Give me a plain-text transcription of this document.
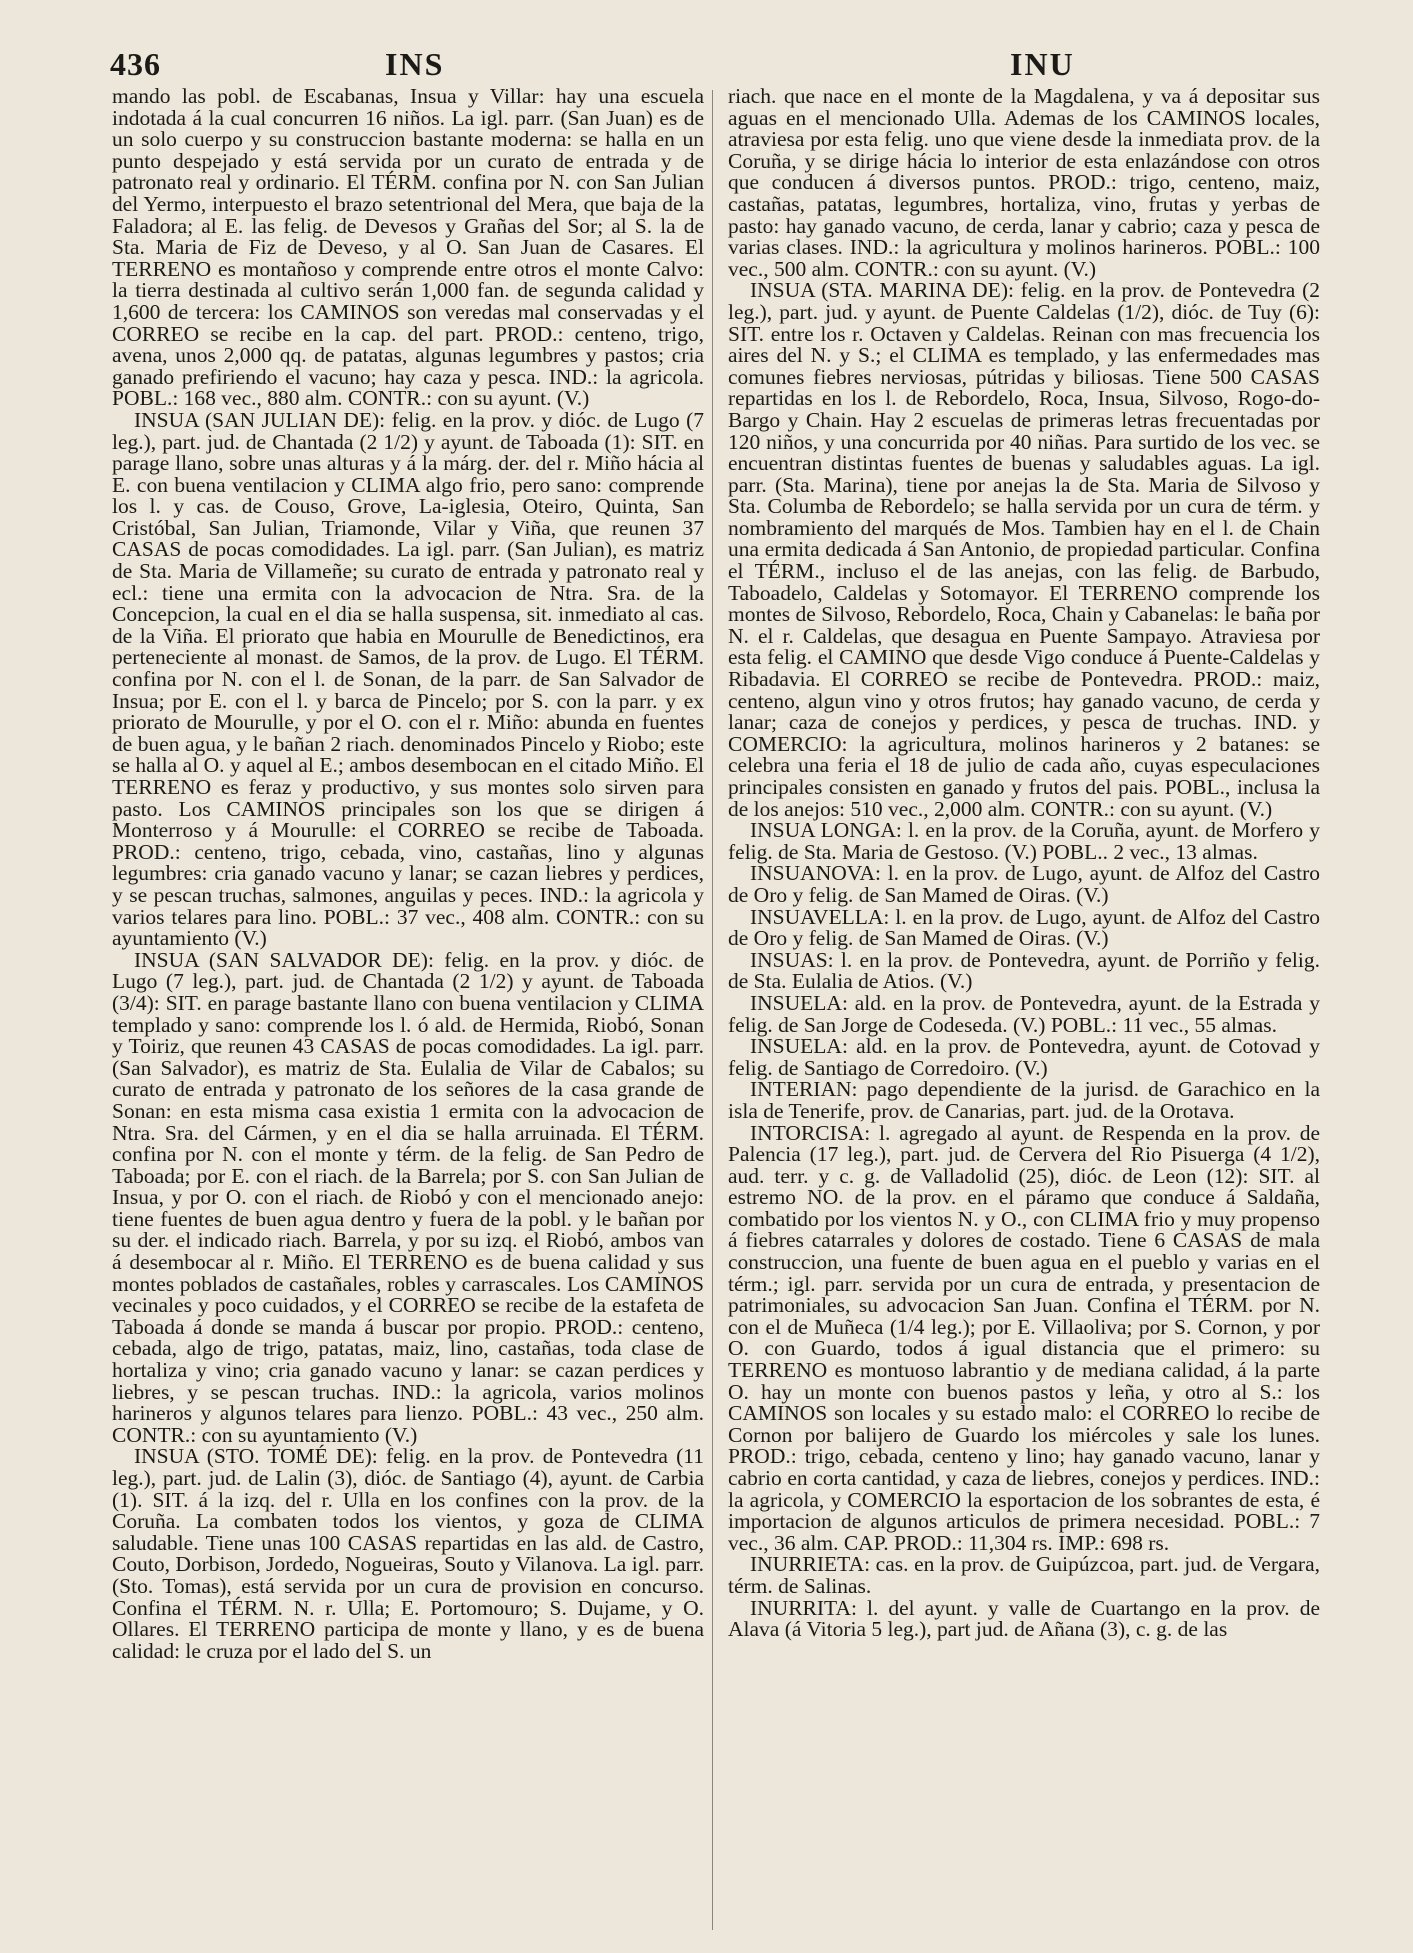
436	INS	INU

mando las pobl. de Escabanas, Insua y Villar: hay una escuela indotada á la cual concurren 16 niños. La igl. parr. (San Juan) es de un solo cuerpo y su construccion bastante moderna: se halla en un punto despejado y está servida por un curato de entrada y de patronato real y ordinario. El TÉRM. confina por N. con San Julian del Yermo, interpuesto el brazo setentrional del Mera, que baja de la Faladora; al E. las felig. de Devesos y Grañas del Sor; al S. la de Sta. Maria de Fiz de Deveso, y al O. San Juan de Casares. El TERRENO es montañoso y comprende entre otros el monte Calvo: la tierra destinada al cultivo serán 1,000 fan. de segunda calidad y 1,600 de tercera: los CAMINOS son veredas mal conservadas y el CORREO se recibe en la cap. del part. PROD.: centeno, trigo, avena, unos 2,000 qq. de patatas, algunas legumbres y pastos; cria ganado prefiriendo el vacuno; hay caza y pesca. IND.: la agricola. POBL.: 168 vec., 880 alm. CONTR.: con su ayunt. (V.)

INSUA (SAN JULIAN DE): felig. en la prov. y dióc. de Lugo (7 leg.), part. jud. de Chantada (2 1/2) y ayunt. de Taboada (1): SIT. en parage llano, sobre unas alturas y á la márg. der. del r. Miño hácia al E. con buena ventilacion y CLIMA algo frio, pero sano: comprende los l. y cas. de Couso, Grove, La-iglesia, Oteiro, Quinta, San Cristóbal, San Julian, Triamonde, Vilar y Viña, que reunen 37 CASAS de pocas comodidades. La igl. parr. (San Julian), es matriz de Sta. Maria de Villameñe; su curato de entrada y patronato real y ecl.: tiene una ermita con la advocacion de Ntra. Sra. de la Concepcion, la cual en el dia se halla suspensa, sit. inmediato al cas. de la Viña. El priorato que habia en Mourulle de Benedictinos, era perteneciente al monast. de Samos, de la prov. de Lugo. El TÉRM. confina por N. con el l. de Sonan, de la parr. de San Salvador de Insua; por E. con el l. y barca de Pincelo; por S. con la parr. y ex priorato de Mourulle, y por el O. con el r. Miño: abunda en fuentes de buen agua, y le bañan 2 riach. denominados Pincelo y Riobo; este se halla al O. y aquel al E.; ambos desembocan en el citado Miño. El TERRENO es feraz y productivo, y sus montes solo sirven para pasto. Los CAMINOS principales son los que se dirigen á Monterroso y á Mourulle: el CORREO se recibe de Taboada. PROD.: centeno, trigo, cebada, vino, castañas, lino y algunas legumbres: cria ganado vacuno y lanar; se cazan liebres y perdices, y se pescan truchas, salmones, anguilas y peces. IND.: la agricola y varios telares para lino. POBL.: 37 vec., 408 alm. CONTR.: con su ayuntamiento (V.)

INSUA (SAN SALVADOR DE): felig. en la prov. y dióc. de Lugo (7 leg.), part. jud. de Chantada (2 1/2) y ayunt. de Taboada (3/4): SIT. en parage bastante llano con buena ventilacion y CLIMA templado y sano: comprende los l. ó ald. de Hermida, Riobó, Sonan y Toiriz, que reunen 43 CASAS de pocas comodidades. La igl. parr. (San Salvador), es matriz de Sta. Eulalia de Vilar de Cabalos; su curato de entrada y patronato de los señores de la casa grande de Sonan: en esta misma casa existia 1 ermita con la advocacion de Ntra. Sra. del Cármen, y en el dia se halla arruinada. El TÉRM. confina por N. con el monte y térm. de la felig. de San Pedro de Taboada; por E. con el riach. de la Barrela; por S. con San Julian de Insua, y por O. con el riach. de Riobó y con el mencionado anejo: tiene fuentes de buen agua dentro y fuera de la pobl. y le bañan por su der. el indicado riach. Barrela, y por su izq. el Riobó, ambos van á desembocar al r. Miño. El TERRENO es de buena calidad y sus montes poblados de castañales, robles y carrascales. Los CAMINOS vecinales y poco cuidados, y el CORREO se recibe de la estafeta de Taboada á donde se manda á buscar por propio. PROD.: centeno, cebada, algo de trigo, patatas, maiz, lino, castañas, toda clase de hortaliza y vino; cria ganado vacuno y lanar: se cazan perdices y liebres, y se pescan truchas. IND.: la agricola, varios molinos harineros y algunos telares para lienzo. POBL.: 43 vec., 250 alm. CONTR.: con su ayuntamiento (V.)

INSUA (STO. TOMÉ DE): felig. en la prov. de Pontevedra (11 leg.), part. jud. de Lalin (3), dióc. de Santiago (4), ayunt. de Carbia (1). SIT. á la izq. del r. Ulla en los confines con la prov. de la Coruña. La combaten todos los vientos, y goza de CLIMA saludable. Tiene unas 100 CASAS repartidas en las ald. de Castro, Couto, Dorbison, Jordedo, Nogueiras, Souto y Vilanova. La igl. parr. (Sto. Tomas), está servida por un cura de provision en concurso. Confina el TÉRM. N. r. Ulla; E. Portomouro; S. Dujame, y O. Ollares. El TERRENO participa de monte y llano, y es de buena calidad: le cruza por el lado del S. un

riach. que nace en el monte de la Magdalena, y va á depositar sus aguas en el mencionado Ulla. Ademas de los CAMINOS locales, atraviesa por esta felig. uno que viene desde la inmediata prov. de la Coruña, y se dirige hácia lo interior de esta enlazándose con otros que conducen á diversos puntos. PROD.: trigo, centeno, maiz, castañas, patatas, legumbres, hortaliza, vino, frutas y yerbas de pasto: hay ganado vacuno, de cerda, lanar y cabrio; caza y pesca de varias clases. IND.: la agricultura y molinos harineros. POBL.: 100 vec., 500 alm. CONTR.: con su ayunt. (V.)

INSUA (STA. MARINA DE): felig. en la prov. de Pontevedra (2 leg.), part. jud. y ayunt. de Puente Caldelas (1/2), dióc. de Tuy (6): SIT. entre los r. Octaven y Caldelas. Reinan con mas frecuencia los aires del N. y S.; el CLIMA es templado, y las enfermedades mas comunes fiebres nerviosas, pútridas y biliosas. Tiene 500 CASAS repartidas en los l. de Rebordelo, Roca, Insua, Silvoso, Rogo-do-Bargo y Chain. Hay 2 escuelas de primeras letras frecuentadas por 120 niños, y una concurrida por 40 niñas. Para surtido de los vec. se encuentran distintas fuentes de buenas y saludables aguas. La igl. parr. (Sta. Marina), tiene por anejas la de Sta. Maria de Silvoso y Sta. Columba de Rebordelo; se halla servida por un cura de térm. y nombramiento del marqués de Mos. Tambien hay en el l. de Chain una ermita dedicada á San Antonio, de propiedad particular. Confina el TÉRM., incluso el de las anejas, con las felig. de Barbudo, Taboadelo, Caldelas y Sotomayor. El TERRENO comprende los montes de Silvoso, Rebordelo, Roca, Chain y Cabanelas: le baña por N. el r. Caldelas, que desagua en Puente Sampayo. Atraviesa por esta felig. el CAMINO que desde Vigo conduce á Puente-Caldelas y Ribadavia. El CORREO se recibe de Pontevedra. PROD.: maiz, centeno, algun vino y otros frutos; hay ganado vacuno, de cerda y lanar; caza de conejos y perdices, y pesca de truchas. IND. y COMERCIO: la agricultura, molinos harineros y 2 batanes: se celebra una feria el 18 de julio de cada año, cuyas especulaciones principales consisten en ganado y frutos del pais. POBL., inclusa la de los anejos: 510 vec., 2,000 alm. CONTR.: con su ayunt. (V.)

INSUA LONGA: l. en la prov. de la Coruña, ayunt. de Morfero y felig. de Sta. Maria de Gestoso. (V.) POBL.. 2 vec., 13 almas.

INSUANOVA: l. en la prov. de Lugo, ayunt. de Alfoz del Castro de Oro y felig. de San Mamed de Oiras. (V.)

INSUAVELLA: l. en la prov. de Lugo, ayunt. de Alfoz del Castro de Oro y felig. de San Mamed de Oiras. (V.)

INSUAS: l. en la prov. de Pontevedra, ayunt. de Porriño y felig. de Sta. Eulalia de Atios. (V.)

INSUELA: ald. en la prov. de Pontevedra, ayunt. de la Estrada y felig. de San Jorge de Codeseda. (V.) POBL.: 11 vec., 55 almas.

INSUELA: ald. en la prov. de Pontevedra, ayunt. de Cotovad y felig. de Santiago de Corredoiro. (V.)

INTERIAN: pago dependiente de la jurisd. de Garachico en la isla de Tenerife, prov. de Canarias, part. jud. de la Orotava.

INTORCISA: l. agregado al ayunt. de Respenda en la prov. de Palencia (17 leg.), part. jud. de Cervera del Rio Pisuerga (4 1/2), aud. terr. y c. g. de Valladolid (25), dióc. de Leon (12): SIT. al estremo NO. de la prov. en el páramo que conduce á Saldaña, combatido por los vientos N. y O., con CLIMA frio y muy propenso á fiebres catarrales y dolores de costado. Tiene 6 CASAS de mala construccion, una fuente de buen agua en el pueblo y varias en el térm.; igl. parr. servida por un cura de entrada, y presentacion de patrimoniales, su advocacion San Juan. Confina el TÉRM. por N. con el de Muñeca (1/4 leg.); por E. Villaoliva; por S. Cornon, y por O. con Guardo, todos á igual distancia que el primero: su TERRENO es montuoso labrantio y de mediana calidad, á la parte O. hay un monte con buenos pastos y leña, y otro al S.: los CAMINOS son locales y su estado malo: el CORREO lo recibe de Cornon por balijero de Guardo los miércoles y sale los lunes. PROD.: trigo, cebada, centeno y lino; hay ganado vacuno, lanar y cabrio en corta cantidad, y caza de liebres, conejos y perdices. IND.: la agricola, y COMERCIO la esportacion de los sobrantes de esta, é importacion de algunos articulos de primera necesidad. POBL.: 7 vec., 36 alm. CAP. PROD.: 11,304 rs. IMP.: 698 rs.

INURRIETA: cas. en la prov. de Guipúzcoa, part. jud. de Vergara, térm. de Salinas.

INURRITA: l. del ayunt. y valle de Cuartango en la prov. de Alava (á Vitoria 5 leg.), part jud. de Añana (3), c. g. de las
